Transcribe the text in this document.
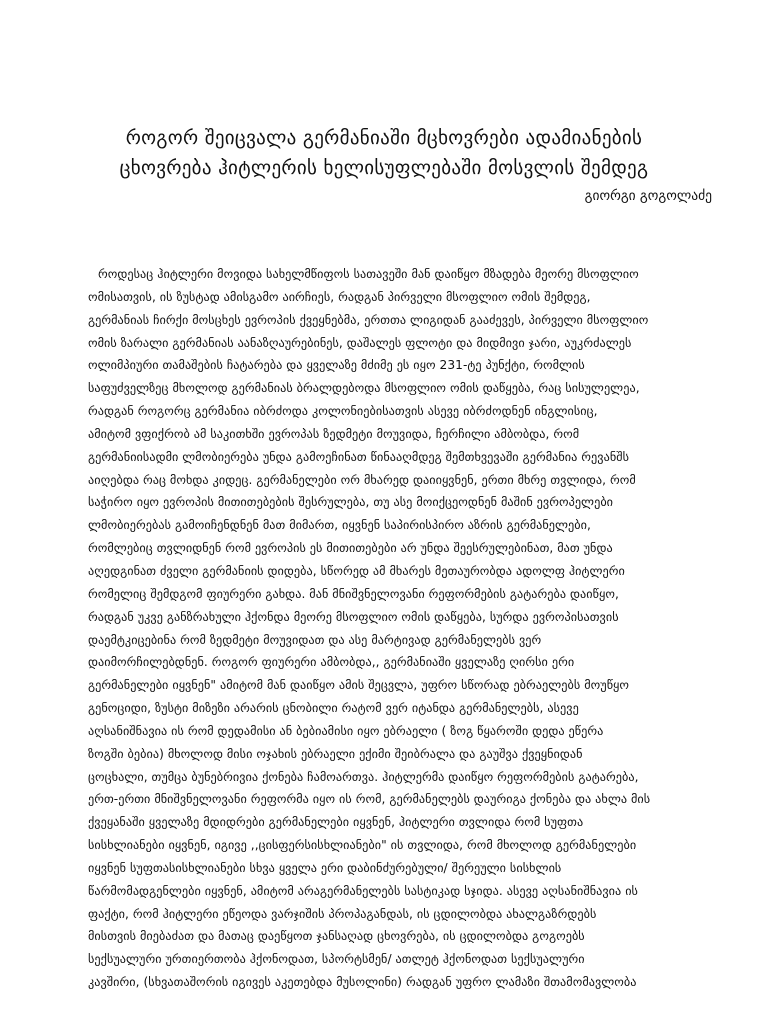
როგორ შეიცვალა გერმანიაში მცხოვრები ადამიანების
ცხოვრება ჰიტლერის ხელისუფლებაში მოსვლის შემდეგ
გიორგი გოგოლაძე
როდესაც ჰიტლერი მოვიდა სახელმწიფოს სათავეში მან დაიწყო მზადება მეორე მსოფლიო
ომისათვის, ის ზუსტად ამისგამო აირჩიეს, რადგან პირველი მსოფლიო ომის შემდეგ,
გერმანიას ჩირქი მოსცხეს ევროპის ქვეყნებმა, ერთთა ლიგიდან გააძევეს, პირველი მსოფლიო
ომის ზარალი გერმანიას აანაზღაურებინეს, დაშალეს ფლოტი და მიდმივი ჯარი, აუკრძალეს
ოლიმპიური თამაშების ჩატარება და ყველაზე მძიმე ეს იყო 231-ტე პუნქტი, რომლის
საფუძველზეც მხოლოდ გერმანიას ბრალდებოდა მსოფლიო ომის დაწყება, რაც სისულელეა,
რადგან როგორც გერმანია იბრძოდა კოლონიებისათვის ასევე იბრძოდნენ ინგლისიც,
ამიტომ ვფიქრობ ამ საკითხში ევროპას ზედმეტი მოუვიდა, ჩერჩილი ამბობდა, რომ
გერმანიისადმი ლმობიერება უნდა გამოეჩინათ წინააღმდეგ შემთხვევაში გერმანია რევანშს
აიღებდა რაც მოხდა კიდეც. გერმანელები ორ მხარედ დაიიყვნენ, ერთი მხრე თვლიდა, რომ
საჭირო იყო ევროპის მითითებების შესრულება, თუ ასე მოიქცეოდნენ მაშინ ევროპელები
ლმობიერებას გამოიჩენდნენ მათ მიმართ, იყვნენ საპირისპირო აზრის გერმანელები,
რომლებიც თვლიდნენ რომ ევროპის ეს მითითებები არ უნდა შეესრულებინათ, მათ უნდა
აღედგინათ ძველი გერმანიის დიდება, სწორედ ამ მხარეს მეთაურობდა ადოლფ ჰიტლერი
რომელიც შემდგომ ფიურერი გახდა. მან მნიშვნელოვანი რეფორმების გატარება დაიწყო,
რადგან უკვე განზრახული ჰქონდა მეორე მსოფლიო ომის დაწყება, სურდა ევროპისათვის
დაემტკიცებინა რომ ზედმეტი მოუვიდათ და ასე მარტივად გერმანელებს ვერ
დაიმორჩილებდნენ. როგორ ფიურერი ამბობდა,, გერმანიაში ყველაზე ღირსი ერი
გერმანელები იყვნენ" ამიტომ მან დაიწყო ამის შეცვლა, უფრო სწორად ებრაელებს მოუწყო
გენოციდი, ზუსტი მიზეზი არარის ცნობილი რატომ ვერ იტანდა გერმანელებს, ასევე
აღსანიშნავია ის რომ დედამისი ან ბებიამისი იყო ებრაელი ( ზოგ წყაროში დედა ეწერა
ზოგში ბებია) მხოლოდ მისი ოჯახის ებრაელი ექიმი შეიბრალა და გაუშვა ქვეყნიდან
ცოცხალი, თუმცა ბუნებრივია ქონება ჩამოართვა. ჰიტლერმა დაიწყო რეფორმების გატარება,
ერთ-ერთი მნიშვნელოვანი რეფორმა იყო ის რომ, გერმანელებს დაურიგა ქონება და ახლა მის
ქვეყანაში ყველაზე მდიდრები გერმანელები იყვნენ, ჰიტლერი თვლიდა რომ სუფთა
სისხლიანები იყვნენ, იგივე ,,ცისფერსისხლიანები" ის თვლიდა, რომ მხოლოდ გერმანელები
იყვნენ სუფთასისხლიანები სხვა ყველა ერი დაბინძურებული/ შერეული სისხლის
წარმომადგენლები იყვნენ, ამიტომ არაგერმანელებს სასტიკად სჯიდა. ასევე აღსანიშნავია ის
ფაქტი, რომ ჰიტლერი ეწეოდა ვარჯიშის პროპაგანდას, ის ცდილობდა ახალგაზრდებს
მისთვის მიებაძათ და მათაც დაეწყოთ ჯანსაღად ცხოვრება, ის ცდილობდა გოგოებს
სექსუალური ურთიერთობა ჰქონოდათ, სპორტსმენ/ ათლეტ ჰქონოდათ სექსუალური
კავშირი, (სხვათაშორის იგივეს აკეთებდა მუსოლინი) რადგან უფრო ლამაზი შთამომავლობა
